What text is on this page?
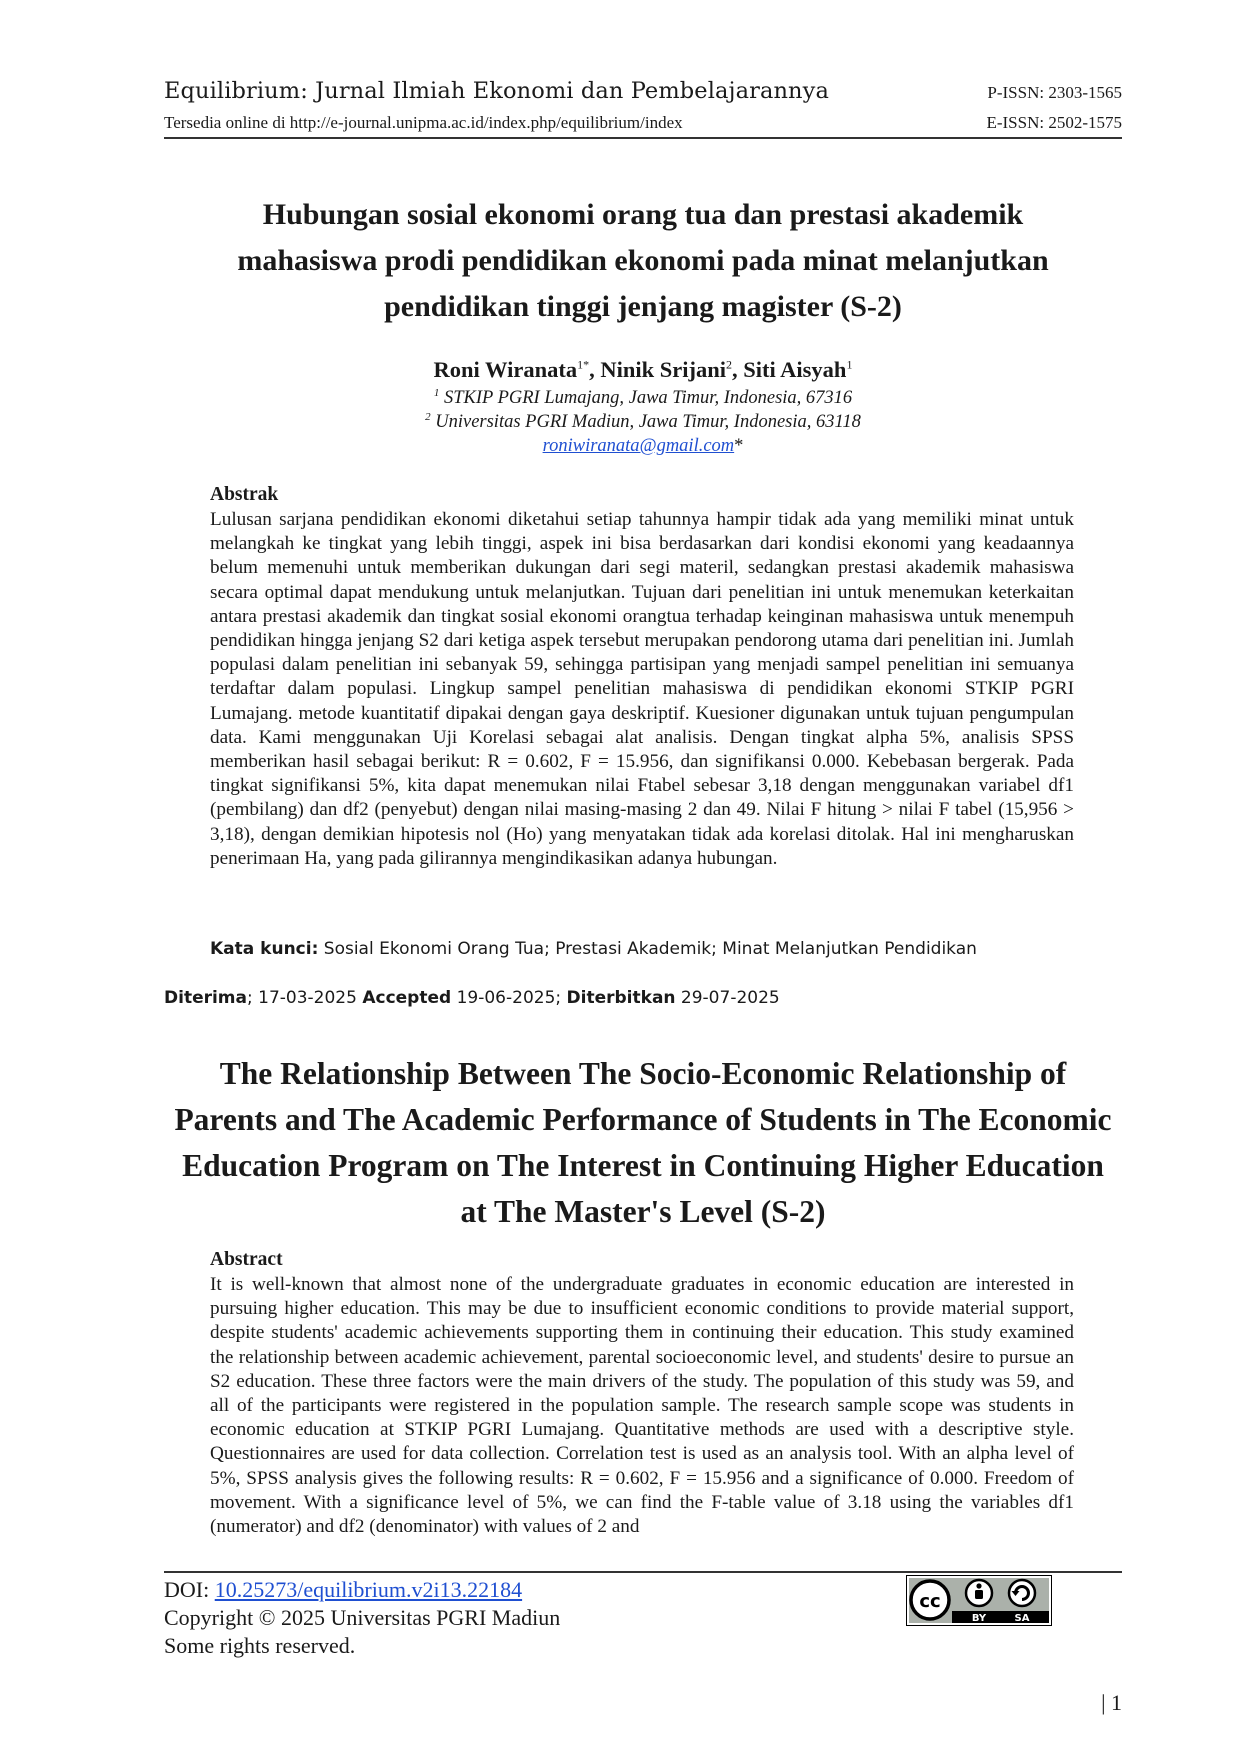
Equilibrium: Jurnal Ilmiah Ekonomi dan Pembelajarannya	P-ISSN: 2303-1565
Tersedia online di http://e-journal.unipma.ac.id/index.php/equilibrium/index	E-ISSN: 2502-1575
Hubungan sosial ekonomi orang tua dan prestasi akademik
mahasiswa prodi pendidikan ekonomi pada minat melanjutkan
pendidikan tinggi jenjang magister (S-2)
Roni Wiranata$^{1*}$, Ninik Srijani$^2$, Siti Aisyah$^1$
$^1$ STKIP PGRI Lumajang, Jawa Timur, Indonesia, 67316
$^2$ Universitas PGRI Madiun, Jawa Timur, Indonesia, 63118
roniwiranata@gmail.com*
Abstrak
Lulusan sarjana pendidikan ekonomi diketahui setiap tahunnya hampir tidak ada yang memiliki minat untuk melangkah ke tingkat yang lebih tinggi, aspek ini bisa berdasarkan dari kondisi ekonomi yang keadaannya belum memenuhi untuk memberikan dukungan dari segi materil, sedangkan prestasi akademik mahasiswa secara optimal dapat mendukung untuk melanjutkan. Tujuan dari penelitian ini untuk menemukan keterkaitan antara prestasi akademik dan tingkat sosial ekonomi orangtua terhadap keinginan mahasiswa untuk menempuh pendidikan hingga jenjang S2 dari ketiga aspek tersebut merupakan pendorong utama dari penelitian ini. Jumlah populasi dalam penelitian ini sebanyak 59, sehingga partisipan yang menjadi sampel penelitian ini semuanya terdaftar dalam populasi. Lingkup sampel penelitian mahasiswa di pendidikan ekonomi STKIP PGRI Lumajang. metode kuantitatif dipakai dengan gaya deskriptif. Kuesioner digunakan untuk tujuan pengumpulan data. Kami menggunakan Uji Korelasi sebagai alat analisis. Dengan tingkat alpha 5%, analisis SPSS memberikan hasil sebagai berikut: R = 0.602, F = 15.956, dan signifikansi 0.000. Kebebasan bergerak. Pada tingkat signifikansi 5%, kita dapat menemukan nilai Ftabel sebesar 3,18 dengan menggunakan variabel df1 (pembilang) dan df2 (penyebut) dengan nilai masing-masing 2 dan 49. Nilai F hitung > nilai F tabel (15,956 > 3,18), dengan demikian hipotesis nol (Ho) yang menyatakan tidak ada korelasi ditolak. Hal ini mengharuskan penerimaan Ha, yang pada gilirannya mengindikasikan adanya hubungan.
Kata kunci: Sosial Ekonomi Orang Tua; Prestasi Akademik; Minat Melanjutkan Pendidikan
Diterima; 17-03-2025 Accepted 19-06-2025; Diterbitkan 29-07-2025
The Relationship Between The Socio-Economic Relationship of
Parents and The Academic Performance of Students in The Economic
Education Program on The Interest in Continuing Higher Education
at The Master's Level (S-2)
Abstract
It is well-known that almost none of the undergraduate graduates in economic education are interested in pursuing higher education. This may be due to insufficient economic conditions to provide material support, despite students' academic achievements supporting them in continuing their education. This study examined the relationship between academic achievement, parental socioeconomic level, and students' desire to pursue an S2 education. These three factors were the main drivers of the study. The population of this study was 59, and all of the participants were registered in the population sample. The research sample scope was students in economic education at STKIP PGRI Lumajang. Quantitative methods are used with a descriptive style. Questionnaires are used for data collection. Correlation test is used as an analysis tool. With an alpha level of 5%, SPSS analysis gives the following results: R = 0.602, F = 15.956 and a significance of 0.000. Freedom of movement. With a significance level of 5%, we can find the F-table value of 3.18 using the variables df1 (numerator) and df2 (denominator) with values of 2 and
DOI: 10.25273/equilibrium.v2i13.22184
Copyright © 2025 Universitas PGRI Madiun
Some rights reserved.
BY	SA
cc
| 1
